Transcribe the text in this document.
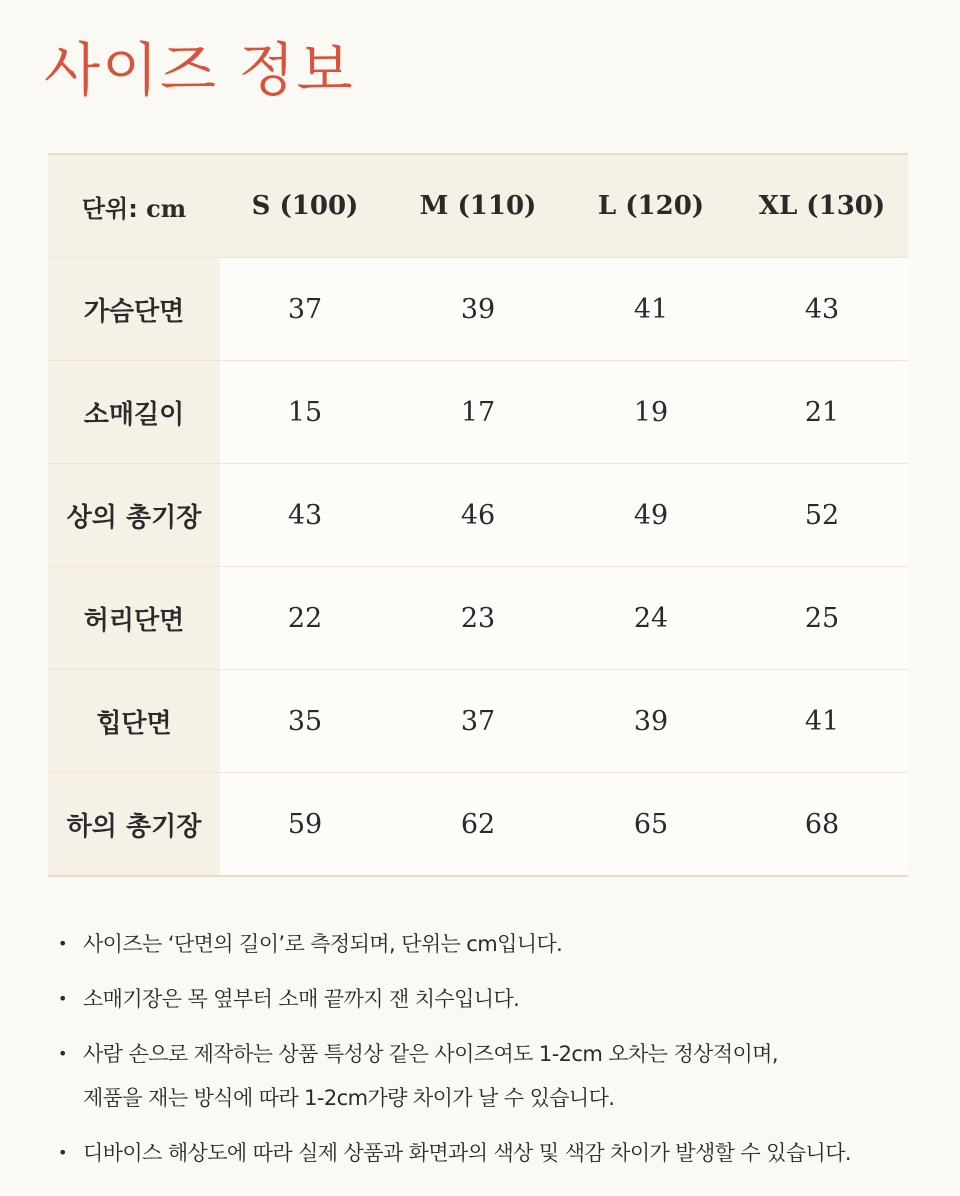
사이즈 정보
단위: cm	S (100)	M (110)	L (120)	XL (130)
가슴단면	37	39	41	43
소매길이	15	17	19	21
상의 총기장	43	46	49	52
허리단면	22	23	24	25
힙단면	35	37	39	41
하의 총기장	59	62	65	68
• 사이즈는 ‘단면의 길이’로 측정되며, 단위는 cm입니다.
• 소매기장은 목 옆부터 소매 끝까지 잰 치수입니다.
• 사람 손으로 제작하는 상품 특성상 같은 사이즈여도 1-2cm 오차는 정상적이며,
제품을 재는 방식에 따라 1-2cm가량 차이가 날 수 있습니다.
• 디바이스 해상도에 따라 실제 상품과 화면과의 색상 및 색감 차이가 발생할 수 있습니다.
